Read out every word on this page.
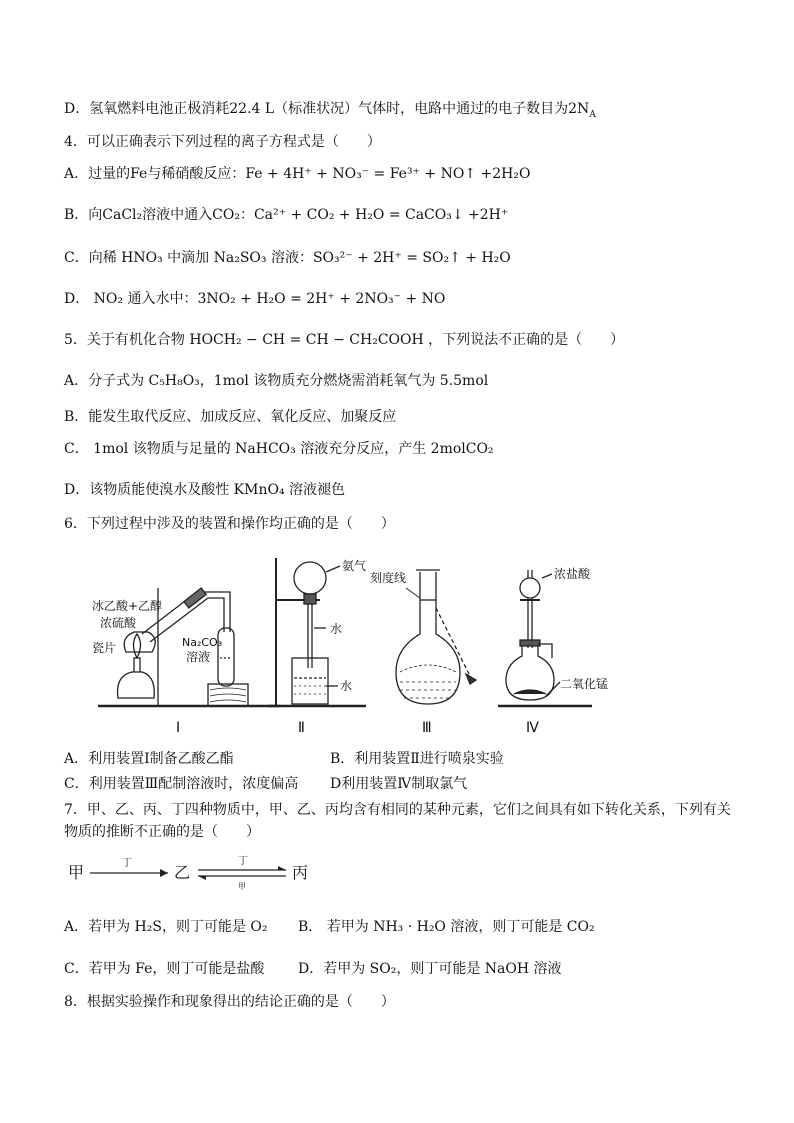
D．氢氧燃料电池正极消耗22.4 L（标准状况）气体时，电路中通过的电子数目为$2N_A$
4．可以正确表示下列过程的离子方程式是（　　）
A．过量的Fe与稀硝酸反应：Fe + 4H⁺ + NO₃⁻ = Fe³⁺ + NO↑ +2H₂O
B．向CaCl₂溶液中通入CO₂：Ca²⁺ + CO₂ + H₂O = CaCO₃↓ +2H⁺
C．向稀 HNO₃ 中滴加 Na₂SO₃ 溶液：SO₃²⁻ + 2H⁺ = SO₂↑ + H₂O
D． NO₂ 通入水中：3NO₂ + H₂O = 2H⁺ + 2NO₃⁻ + NO
5．关于有机化合物 HOCH₂ − CH = CH − CH₂COOH ，下列说法不正确的是（　　）
A．分子式为 C₅H₈O₃，1mol 该物质充分燃烧需消耗氧气为 5.5mol
B．能发生取代反应、加成反应、氧化反应、加聚反应
C． 1mol 该物质与足量的 NaHCO₃ 溶液充分反应，产生 2molCO₂
D．该物质能使溴水及酸性 KMnO₄ 溶液褪色
6．下列过程中涉及的装置和操作均正确的是（　　）
冰乙酸+乙醇
浓硫酸
瓷片	Na₂CO₃
溶液
Ⅰ
氨气
水
水
Ⅱ
刻度线
Ⅲ
浓盐酸
二氧化锰
Ⅳ
A．利用装置Ⅰ制备乙酸乙酯	B．利用装置Ⅱ进行喷泉实验
C．利用装置Ⅲ配制溶液时，浓度偏高 D利用装置Ⅳ制取氯气
7．甲、乙、丙、丁四种物质中，甲、乙、丙均含有相同的某种元素，它们之间具有如下转化关系，下列有关
物质的推断不正确的是（　　）
甲	丁	乙
丁
甲
丙
A．若甲为 H₂S，则丁可能是 O₂ B． 若甲为 NH₃ · H₂O 溶液，则丁可能是 CO₂
C．若甲为 Fe，则丁可能是盐酸 D．若甲为 SO₂，则丁可能是 NaOH 溶液
8．根据实验操作和现象得出的结论正确的是（　　）
